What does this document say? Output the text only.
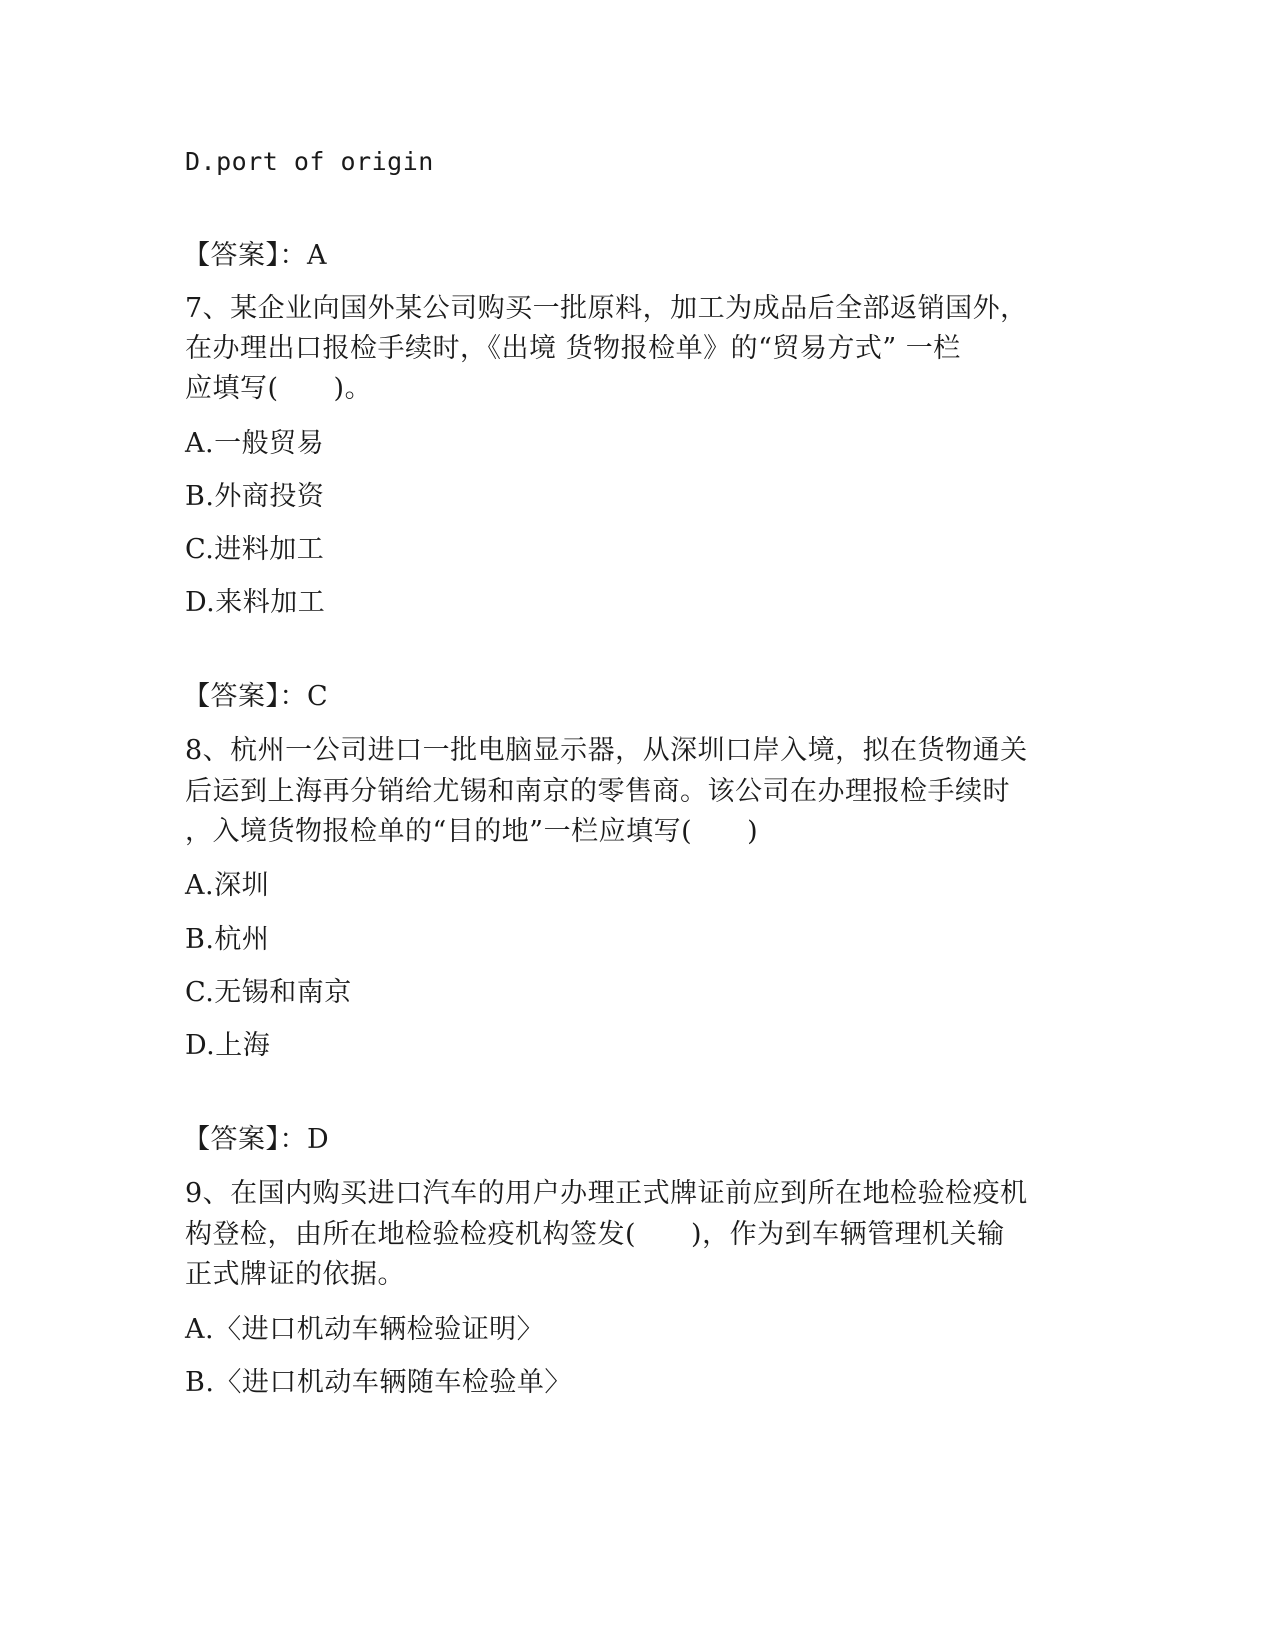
D.port of origin
【答案】：A
7、某企业向国外某公司购买一批原料，加工为成品后全部返销国外，
在办理出口报检手续时，《出境 货物报检单》的“贸易方式” 一栏
应填写(　　)。
A.一般贸易
B.外商投资
C.进料加工
D.来料加工
【答案】：C
8、杭州一公司进口一批电脑显示器，从深圳口岸入境，拟在货物通关
后运到上海再分销给尤锡和南京的零售商。该公司在办理报检手续时
，入境货物报检单的“目的地”一栏应填写(　　)
A.深圳
B.杭州
C.无锡和南京
D.上海
【答案】：D
9、在国内购买进口汽车的用户办理正式牌证前应到所在地检验检疫机
构登检，由所在地检验检疫机构签发(　　)，作为到车辆管理机关输
正式牌证的依据。
A.〈进口机动车辆检验证明〉
B.〈进口机动车辆随车检验单〉
